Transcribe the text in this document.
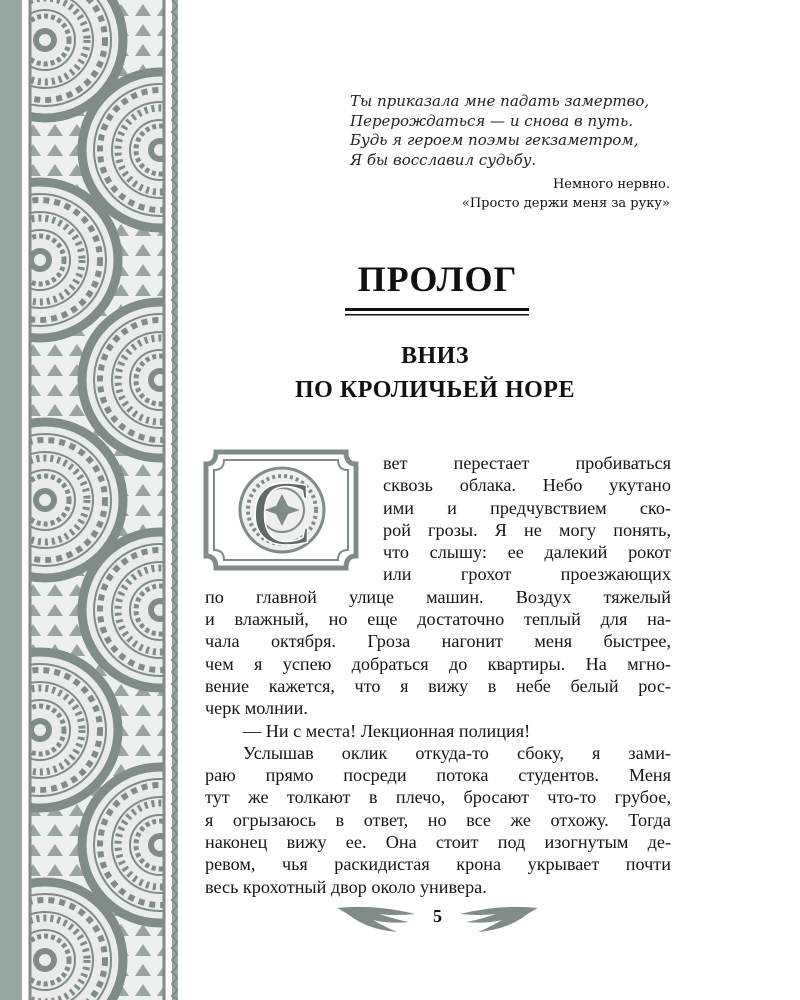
Ты приказала мне падать замертво,
Перерождаться — и снова в путь.
Будь я героем поэмы гекзаметром,
Я бы восславил судьбу.
Немного нервно.
«Просто держи меня за руку»
ПРОЛОГ
ВНИЗ
ПО КРОЛИЧЬЕЙ НОРЕ
С	вет перестает пробиваться
сквозь облака. Небо укутано
ими и предчувствием ско-
рой грозы. Я не могу понять,
что слышу: ее далекий рокот
или грохот проезжающих
по главной улице машин. Воздух тяжелый
и влажный, но еще достаточно теплый для на-
чала октября. Гроза нагонит меня быстрее,
чем я успею добраться до квартиры. На мгно-
вение кажется, что я вижу в небе белый рос-
черк молнии.
— Ни с места! Лекционная полиция!
Услышав оклик откуда-то сбоку, я зами-
раю прямо посреди потока студентов. Меня
тут же толкают в плечо, бросают что-то грубое,
я огрызаюсь в ответ, но все же отхожу. Тогда
наконец вижу ее. Она стоит под изогнутым де-
ревом, чья раскидистая крона укрывает почти
весь крохотный двор около универа.
5
